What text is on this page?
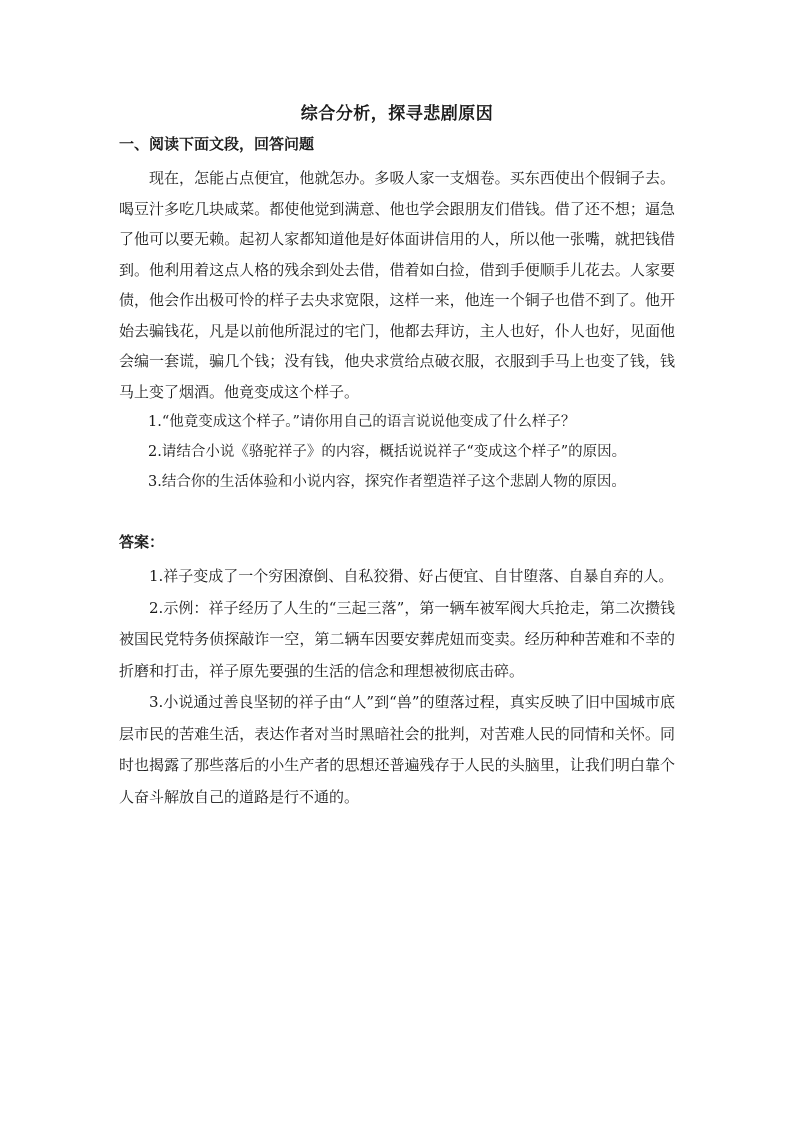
综合分析，探寻悲剧原因
一、阅读下面文段，回答问题

现在，怎能占点便宜，他就怎办。多吸人家一支烟卷。买东西使出个假铜子去。喝豆汁多吃几块咸菜。都使他觉到满意、他也学会跟朋友们借钱。借了还不想；逼急了他可以要无赖。起初人家都知道他是好体面讲信用的人，所以他一张嘴，就把钱借到。他利用着这点人格的残余到处去借，借着如白捡，借到手便顺手儿花去。人家要债，他会作出极可怜的样子去央求宽限，这样一来，他连一个铜子也借不到了。他开始去骗钱花，凡是以前他所混过的宅门，他都去拜访，主人也好，仆人也好，见面他会编一套谎，骗几个钱；没有钱，他央求赏给点破衣服，衣服到手马上也变了钱，钱马上变了烟酒。他竟变成这个样子。

1.“他竟变成这个样子。”请你用自己的语言说说他变成了什么样子？
2.请结合小说《骆驼祥子》的内容，概括说说祥子“变成这个样子”的原因。
3.结合你的生活体验和小说内容，探究作者塑造祥子这个悲剧人物的原因。
答案：

1.祥子变成了一个穷困潦倒、自私狡猾、好占便宜、自甘堕落、自暴自弃的人。

2.示例：祥子经历了人生的“三起三落”，第一辆车被军阀大兵抢走，第二次攒钱被国民党特务侦探敲诈一空，第二辆车因要安葬虎妞而变卖。经历种种苦难和不幸的折磨和打击，祥子原先要强的生活的信念和理想被彻底击碎。

3.小说通过善良坚韧的祥子由“人”到“兽”的堕落过程，真实反映了旧中国城市底层市民的苦难生活，表达作者对当时黑暗社会的批判，对苦难人民的同情和关怀。同时也揭露了那些落后的小生产者的思想还普遍残存于人民的头脑里，让我们明白靠个人奋斗解放自己的道路是行不通的。
